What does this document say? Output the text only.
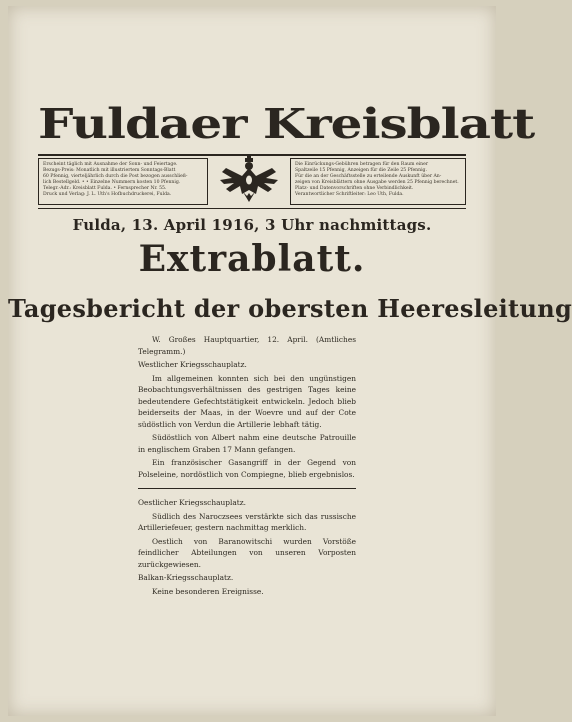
Fuldaer Kreisblatt
Erscheint täglich mit Ausnahme der Sonn- und Feiertage.
Bezugs-Preis: Monatlich mit illustriertem Sonntags-Blatt
60 Pfennig, vierteljährlich durch die Post bezogen ausschließ-
lich Bestellgeld. • • Einzelne Nummern kosten 10 Pfennig.
Telegr.-Adr.: Kreisblatt Fulda. • Fernsprecher Nr. 55.
Druck und Verlag: J. L. Uth's Hofbuchdruckerei, Fulda.
Die Einrückungs-Gebühren betragen für den Raum einer
Spaltzeile 15 Pfennig, Anzeigen für die Zeile 25 Pfennig.
Für die an der Geschäftsstelle zu erteilende Auskunft über An-
zeigen von Kreisblättern ohne Ausgabe werden 25 Pfennig berechnet.
Platz- und Datenvorschriften ohne Verbindlichkeit.
Verantwortlicher Schriftleiter: Leo Uth, Fulda.
Fulda, 13. April 1916, 3 Uhr nachmittags.
Extrablatt.
Tagesbericht der obersten Heeresleitung

W. Großes Hauptquartier, 12. April. (Amtliches Telegramm.)

Westlicher Kriegsschauplatz.

Im allgemeinen konnten sich bei den ungünstigen Beobachtungsverhältnissen des gestrigen Tages keine bedeutendere Gefechtstätigkeit entwickeln. Jedoch blieb beiderseits der Maas, in der Woevre und auf der Cote südöstlich von Verdun die Artillerie lebhaft tätig.

Südöstlich von Albert nahm eine deutsche Patrouille in englischem Graben 17 Mann gefangen.

Ein französischer Gasangriff in der Gegend von Polseleine, nordöstlich von Compiegne, blieb ergebnislos.

Oestlicher Kriegsschauplatz.

Südlich des Naroczsees verstärkte sich das russische Artilleriefeuer, gestern nachmittag merklich.

Oestlich von Baranowitschi wurden Vorstöße feindlicher Abteilungen von unseren Vorposten zurückgewiesen.

Balkan-Kriegsschauplatz.

Keine besonderen Ereignisse.
